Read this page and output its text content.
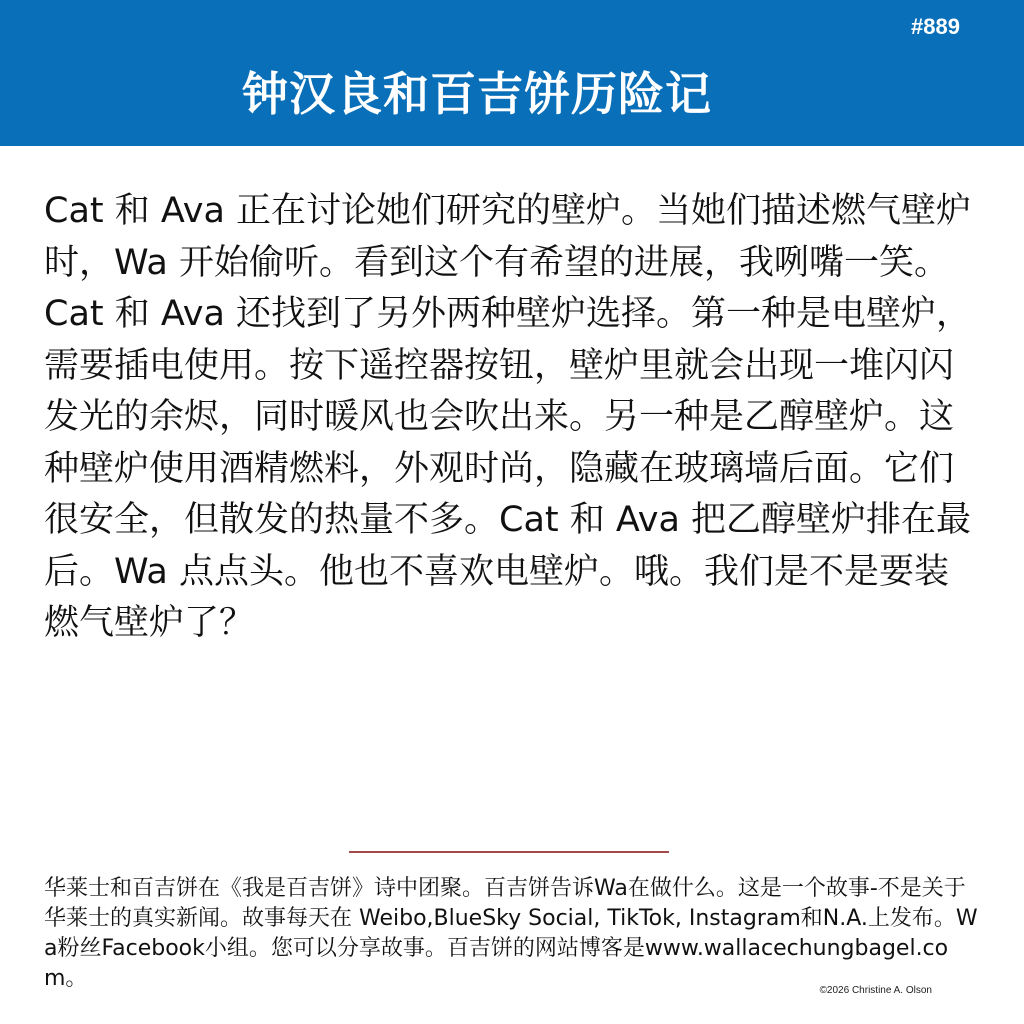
#889
钟汉良和百吉饼历险记

Cat 和 Ava 正在讨论她们研究的壁炉。当她们描述燃气壁炉时，Wa 开始偷听。看到这个有希望的进展，我咧嘴一笑。Cat 和 Ava 还找到了另外两种壁炉选择。第一种是电壁炉，需要插电使用。按下遥控器按钮，壁炉里就会出现一堆闪闪发光的余烬，同时暖风也会吹出来。另一种是乙醇壁炉。这种壁炉使用酒精燃料，外观时尚，隐藏在玻璃墙后面。它们很安全，但散发的热量不多。Cat 和 Ava 把乙醇壁炉排在最后。Wa 点点头。他也不喜欢电壁炉。哦。我们是不是要装燃气壁炉了？

华莱士和百吉饼在《我是百吉饼》诗中团聚。百吉饼告诉Wa在做什么。这是一个故事-不是关于华莱士的真实新闻。故事每天在 Weibo,BlueSky Social, TikTok, Instagram和N.A.上发布。Wa粉丝Facebook小组。您可以分享故事。百吉饼的网站博客是www.wallacechungbagel.com。	©2026 Christine A. Olson
